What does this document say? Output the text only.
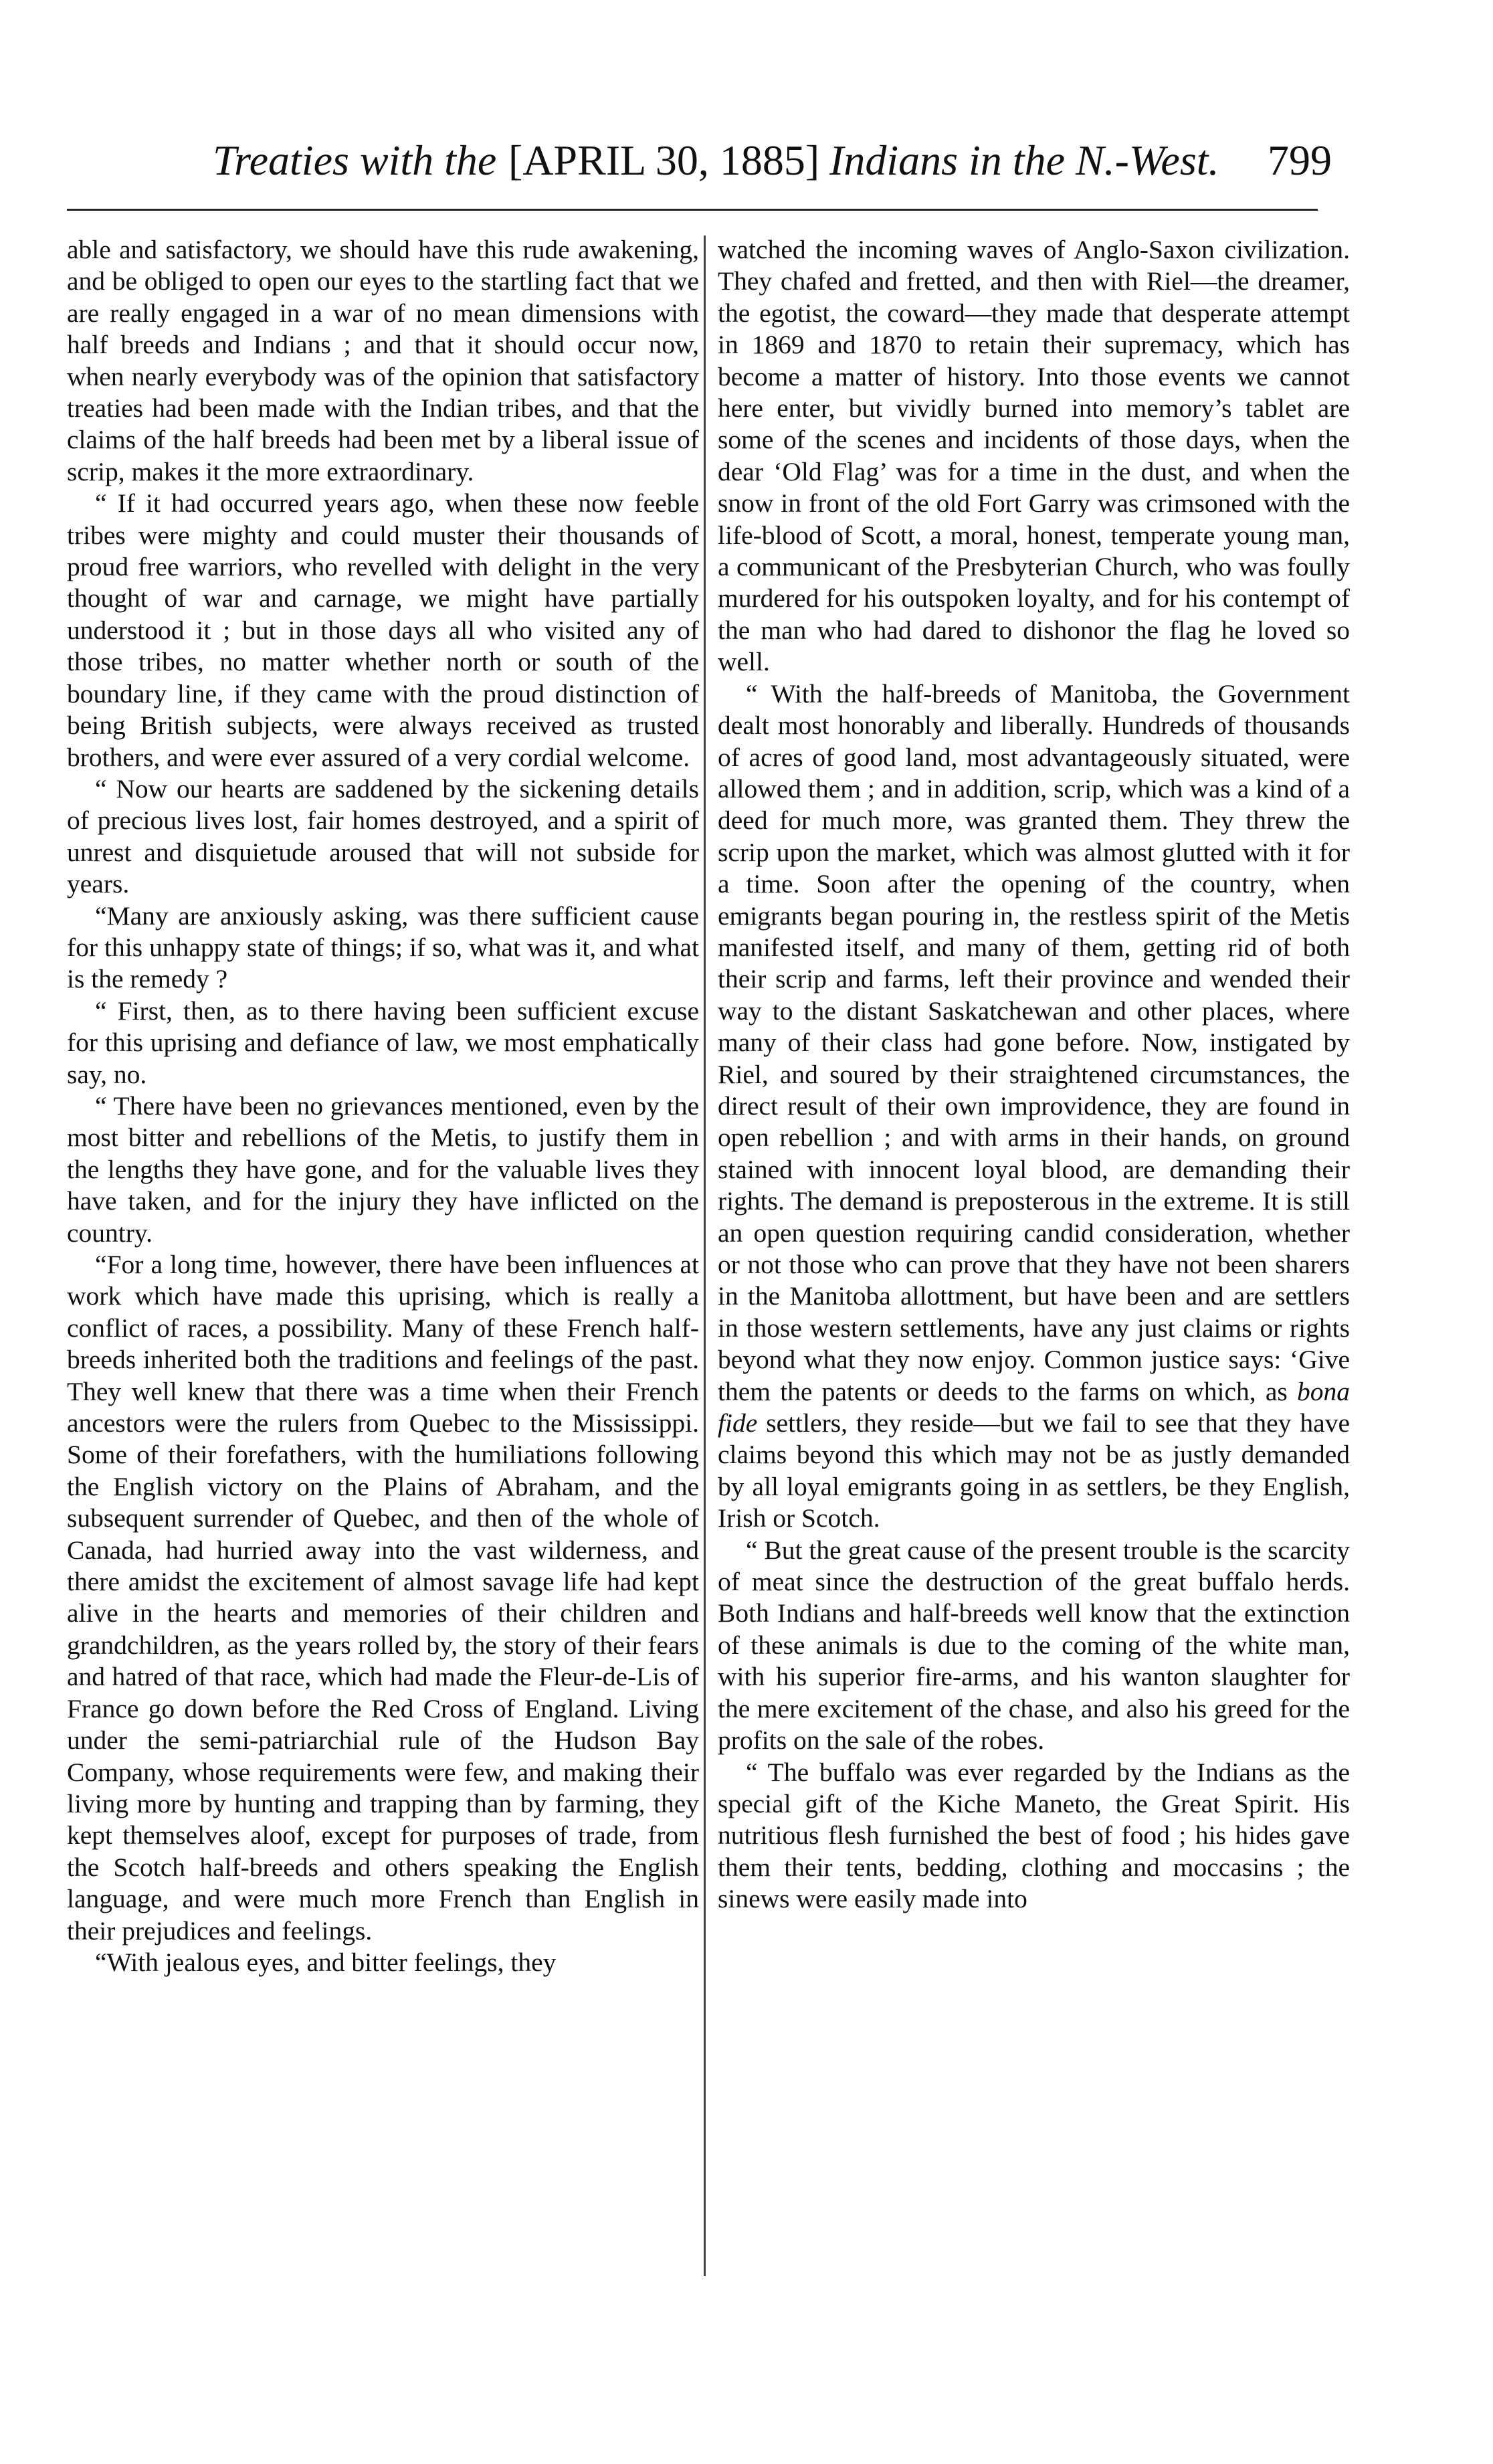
Treaties with the [APRIL 30, 1885] Indians in the N.-West. 799

able and satisfactory, we should have this rude awakening, and be obliged to open our eyes to the startling fact that we are really engaged in a war of no mean dimensions with half breeds and Indians ; and that it should occur now, when nearly everybody was of the opinion that satisfactory treaties had been made with the Indian tribes, and that the claims of the half breeds had been met by a liberal issue of scrip, makes it the more extraordinary.

“ If it had occurred years ago, when these now feeble tribes were mighty and could muster their thousands of proud free warriors, who revelled with delight in the very thought of war and carnage, we might have partially understood it ; but in those days all who visited any of those tribes, no matter whether north or south of the boundary line, if they came with the proud distinction of being British subjects, were always received as trusted brothers, and were ever assured of a very cordial welcome.

“ Now our hearts are saddened by the sickening details of precious lives lost, fair homes destroyed, and a spirit of unrest and disquietude aroused that will not subside for years.

“Many are anxiously asking, was there sufficient cause for this unhappy state of things; if so, what was it, and what is the remedy ?

“ First, then, as to there having been sufficient excuse for this uprising and defiance of law, we most emphatically say, no.

“ There have been no grievances mentioned, even by the most bitter and rebellions of the Metis, to justify them in the lengths they have gone, and for the valuable lives they have taken, and for the injury they have inflicted on the country.

“For a long time, however, there have been influences at work which have made this uprising, which is really a conflict of races, a possibility. Many of these French half-breeds inherited both the traditions and feelings of the past. They well knew that there was a time when their French ancestors were the rulers from Quebec to the Mississippi. Some of their forefathers, with the humiliations following the English victory on the Plains of Abraham, and the subsequent surrender of Quebec, and then of the whole of Canada, had hurried away into the vast wilderness, and there amidst the excitement of almost savage life had kept alive in the hearts and memories of their children and grandchildren, as the years rolled by, the story of their fears and hatred of that race, which had made the Fleur-de-Lis of France go down before the Red Cross of England. Living under the semi-patriarchial rule of the Hudson Bay Company, whose requirements were few, and making their living more by hunting and trapping than by farming, they kept themselves aloof, except for purposes of trade, from the Scotch half-breeds and others speaking the English language, and were much more French than English in their prejudices and feelings.

“With jealous eyes, and bitter feelings, they

watched the incoming waves of Anglo-Saxon civilization. They chafed and fretted, and then with Riel—the dreamer, the egotist, the coward—they made that desperate attempt in 1869 and 1870 to retain their supremacy, which has become a matter of history. Into those events we cannot here enter, but vividly burned into memory’s tablet are some of the scenes and incidents of those days, when the dear ‘Old Flag’ was for a time in the dust, and when the snow in front of the old Fort Garry was crimsoned with the life-blood of Scott, a moral, honest, temperate young man, a communicant of the Presbyterian Church, who was foully murdered for his outspoken loyalty, and for his contempt of the man who had dared to dishonor the flag he loved so well.

“ With the half-breeds of Manitoba, the Government dealt most honorably and liberally. Hundreds of thousands of acres of good land, most advantageously situated, were allowed them ; and in addition, scrip, which was a kind of a deed for much more, was granted them. They threw the scrip upon the market, which was almost glutted with it for a time. Soon after the opening of the country, when emigrants began pouring in, the restless spirit of the Metis manifested itself, and many of them, getting rid of both their scrip and farms, left their province and wended their way to the distant Saskatchewan and other places, where many of their class had gone before. Now, instigated by Riel, and soured by their straightened circumstances, the direct result of their own improvidence, they are found in open rebellion ; and with arms in their hands, on ground stained with innocent loyal blood, are demanding their rights. The demand is preposterous in the extreme. It is still an open question requiring candid consideration, whether or not those who can prove that they have not been sharers in the Manitoba allottment, but have been and are settlers in those western settlements, have any just claims or rights beyond what they now enjoy. Common justice says: ‘Give them the patents or deeds to the farms on which, as bona fide settlers, they reside—but we fail to see that they have claims beyond this which may not be as justly demanded by all loyal emigrants going in as settlers, be they English, Irish or Scotch.

“ But the great cause of the present trouble is the scarcity of meat since the destruction of the great buffalo herds. Both Indians and half-breeds well know that the extinction of these animals is due to the coming of the white man, with his superior fire-arms, and his wanton slaughter for the mere excitement of the chase, and also his greed for the profits on the sale of the robes.

“ The buffalo was ever regarded by the Indians as the special gift of the Kiche Maneto, the Great Spirit. His nutritious flesh furnished the best of food ; his hides gave them their tents, bedding, clothing and moccasins ; the sinews were easily made into
